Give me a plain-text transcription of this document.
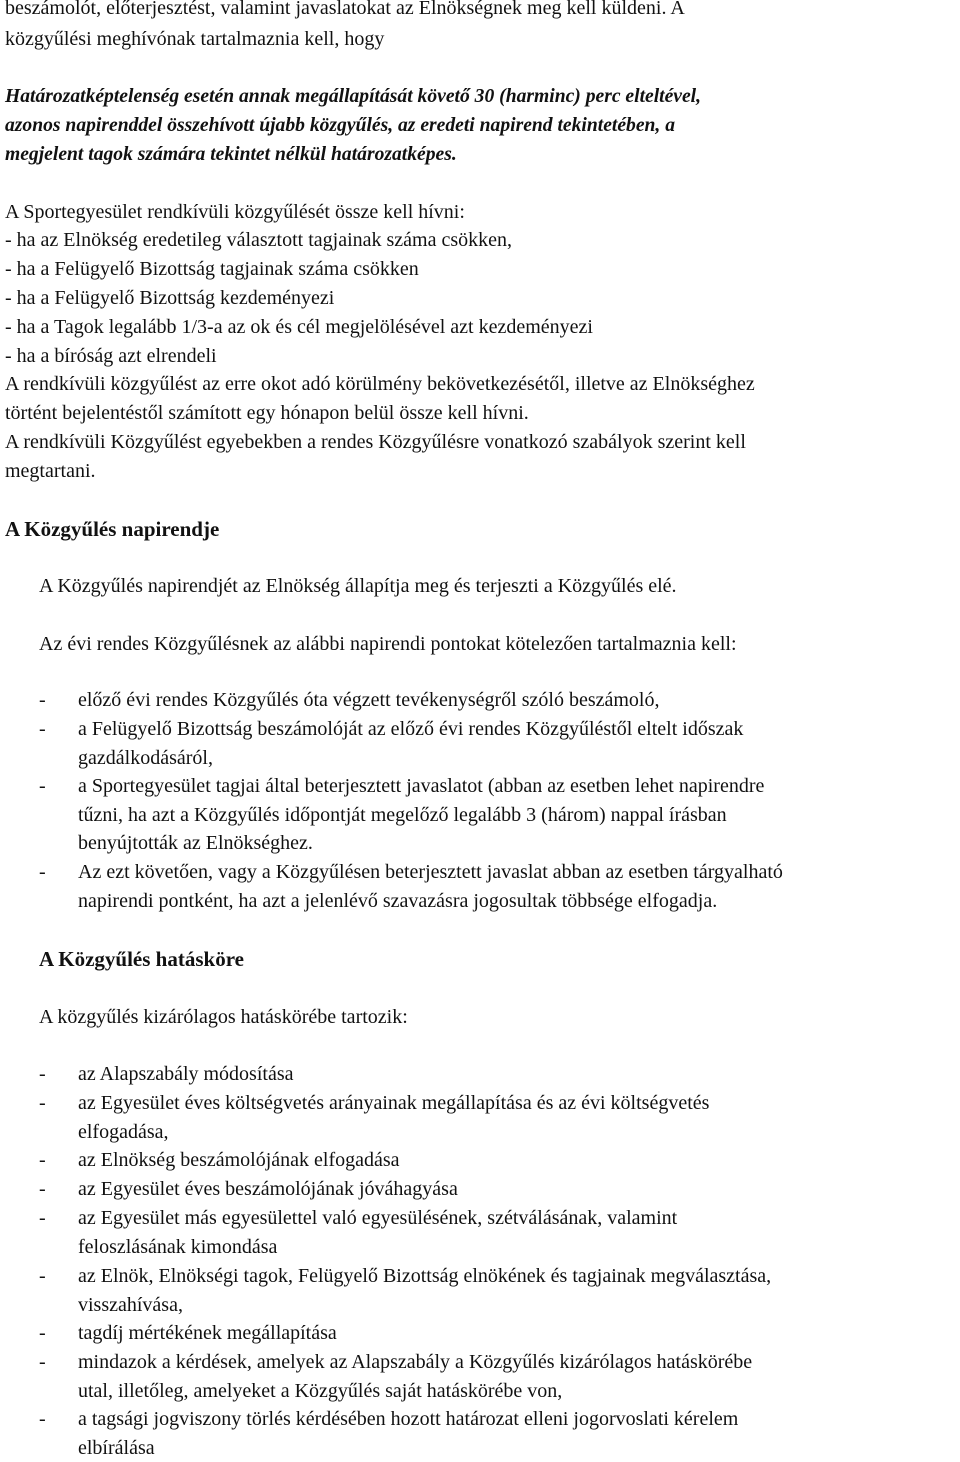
beszámolót, előterjesztést, valamint javaslatokat az Elnökségnek meg kell küldeni. A
közgyűlési meghívónak tartalmaznia kell, hogy
Határozatképtelenség esetén annak megállapítását követő 30 (harminc) perc elteltével,
azonos napirenddel összehívott újabb közgyűlés, az eredeti napirend tekintetében, a
megjelent tagok számára tekintet nélkül határozatképes.
A Sportegyesület rendkívüli közgyűlését össze kell hívni:
- ha az Elnökség eredetileg választott tagjainak száma csökken,
- ha a Felügyelő Bizottság tagjainak száma csökken
- ha a Felügyelő Bizottság kezdeményezi
- ha a Tagok legalább 1/3-a az ok és cél megjelölésével azt kezdeményezi
- ha a bíróság azt elrendeli
A rendkívüli közgyűlést az erre okot adó körülmény bekövetkezésétől, illetve az Elnökséghez
történt bejelentéstől számított egy hónapon belül össze kell hívni.
A rendkívüli Közgyűlést egyebekben a rendes Közgyűlésre vonatkozó szabályok szerint kell
megtartani.
A Közgyűlés napirendje
A Közgyűlés napirendjét az Elnökség állapítja meg és terjeszti a Közgyűlés elé.
Az évi rendes Közgyűlésnek az alábbi napirendi pontokat kötelezően tartalmaznia kell:
- előző évi rendes Közgyűlés óta végzett tevékenységről szóló beszámoló,
- a Felügyelő Bizottság beszámolóját az előző évi rendes Közgyűléstől eltelt időszak
gazdálkodásáról,
- a Sportegyesület tagjai által beterjesztett javaslatot (abban az esetben lehet napirendre
tűzni, ha azt a Közgyűlés időpontját megelőző legalább 3 (három) nappal írásban
benyújtották az Elnökséghez.
- Az ezt követően, vagy a Közgyűlésen beterjesztett javaslat abban az esetben tárgyalható
napirendi pontként, ha azt a jelenlévő szavazásra jogosultak többsége elfogadja.
A Közgyűlés hatásköre
A közgyűlés kizárólagos hatáskörébe tartozik:
- az Alapszabály módosítása
- az Egyesület éves költségvetés arányainak megállapítása és az évi költségvetés
elfogadása,
- az Elnökség beszámolójának elfogadása
- az Egyesület éves beszámolójának jóváhagyása
- az Egyesület más egyesülettel való egyesülésének, szétválásának, valamint
feloszlásának kimondása
- az Elnök, Elnökségi tagok, Felügyelő Bizottság elnökének és tagjainak megválasztása,
visszahívása,
- tagdíj mértékének megállapítása
- mindazok a kérdések, amelyek az Alapszabály a Közgyűlés kizárólagos hatáskörébe
utal, illetőleg, amelyeket a Közgyűlés saját hatáskörébe von,
- a tagsági jogviszony törlés kérdésében hozott határozat elleni jogorvoslati kérelem
elbírálása
